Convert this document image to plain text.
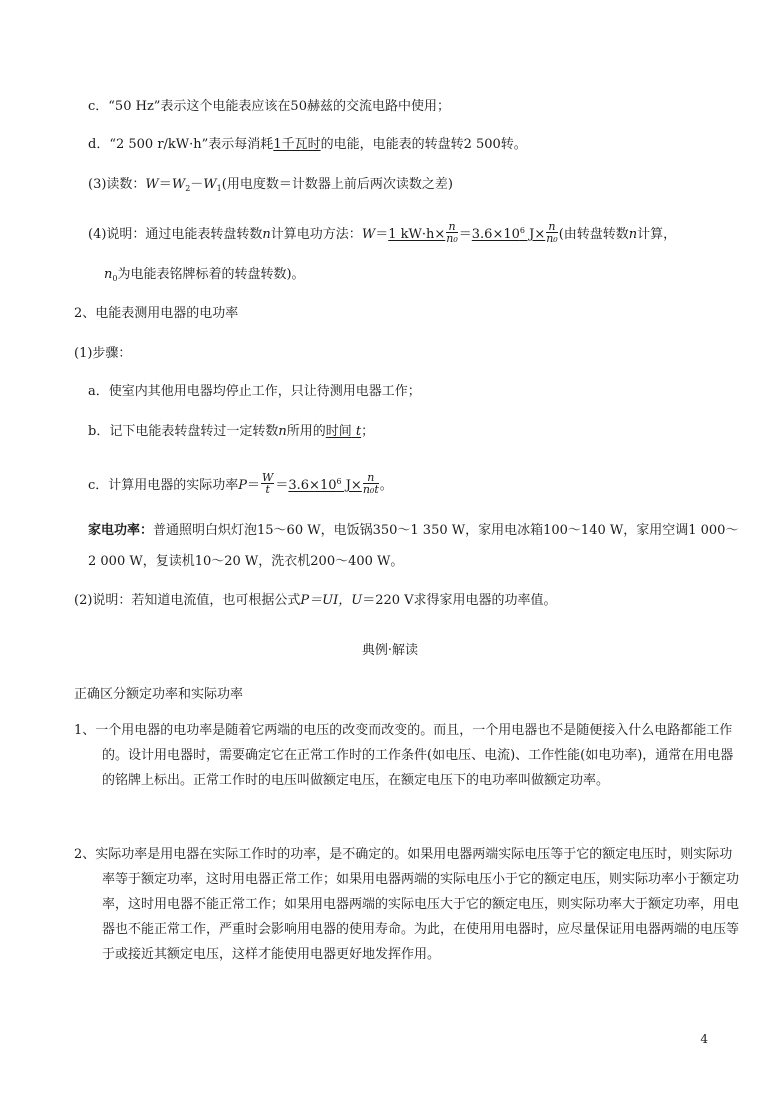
c．“50 Hz”表示这个电能表应该在50赫兹的交流电路中使用；
d．“2 500 r/kW·h”表示每消耗1千瓦时的电能，电能表的转盘转2 500转。
(3)读数：$W=W_2-W_1$(用电度数＝计数器上前后两次读数之差)
(4)说明：通过电能表转盘转数n计算电功方法：W＝1 $kW\cdot h\times \frac{n}{\text{n₀}} =3.6\times 10^6$ $J\times \frac{n}{\text{n₀}}$ (由转盘转数n计算，
$n_0$为电能表铭牌标着的转盘转数)。
2、电能表测用电器的电功率
(1)步骤：
a．使室内其他用电器均停止工作，只让待测用电器工作；
b．记下电能表转盘转过一定转数n所用的时间 t；
c．计算用电器的实际功率$P= \frac{W}{t} =3.6\times 10^6$ $J\times \frac{n}{\text{n₀t}}$ 。
家电功率：普通照明白炽灯泡15～60 W，电饭锅350～1 350 W，家用电冰箱100～140 W，家用空调1 000～
2 000 W，复读机10～20 W，洗衣机200～400 W。
(2)说明：若知道电流值，也可根据公式P＝UI，U＝220 V求得家用电器的功率值。
典例·解读
正确区分额定功率和实际功率
1、一个用电器的电功率是随着它两端的电压的改变而改变的。而且，一个用电器也不是随便接入什么电路都能工作的。设计用电器时，需要确定它在正常工作时的工作条件(如电压、电流)、工作性能(如电功率)，通常在用电器的铭牌上标出。正常工作时的电压叫做额定电压，在额定电压下的电功率叫做额定功率。
2、实际功率是用电器在实际工作时的功率，是不确定的。如果用电器两端实际电压等于它的额定电压时，则实际功率等于额定功率，这时用电器正常工作；如果用电器两端的实际电压小于它的额定电压，则实际功率小于额定功率，这时用电器不能正常工作；如果用电器两端的实际电压大于它的额定电压，则实际功率大于额定功率，用电器也不能正常工作，严重时会影响用电器的使用寿命。为此，在使用用电器时，应尽量保证用电器两端的电压等于或接近其额定电压，这样才能使用电器更好地发挥作用。
4
